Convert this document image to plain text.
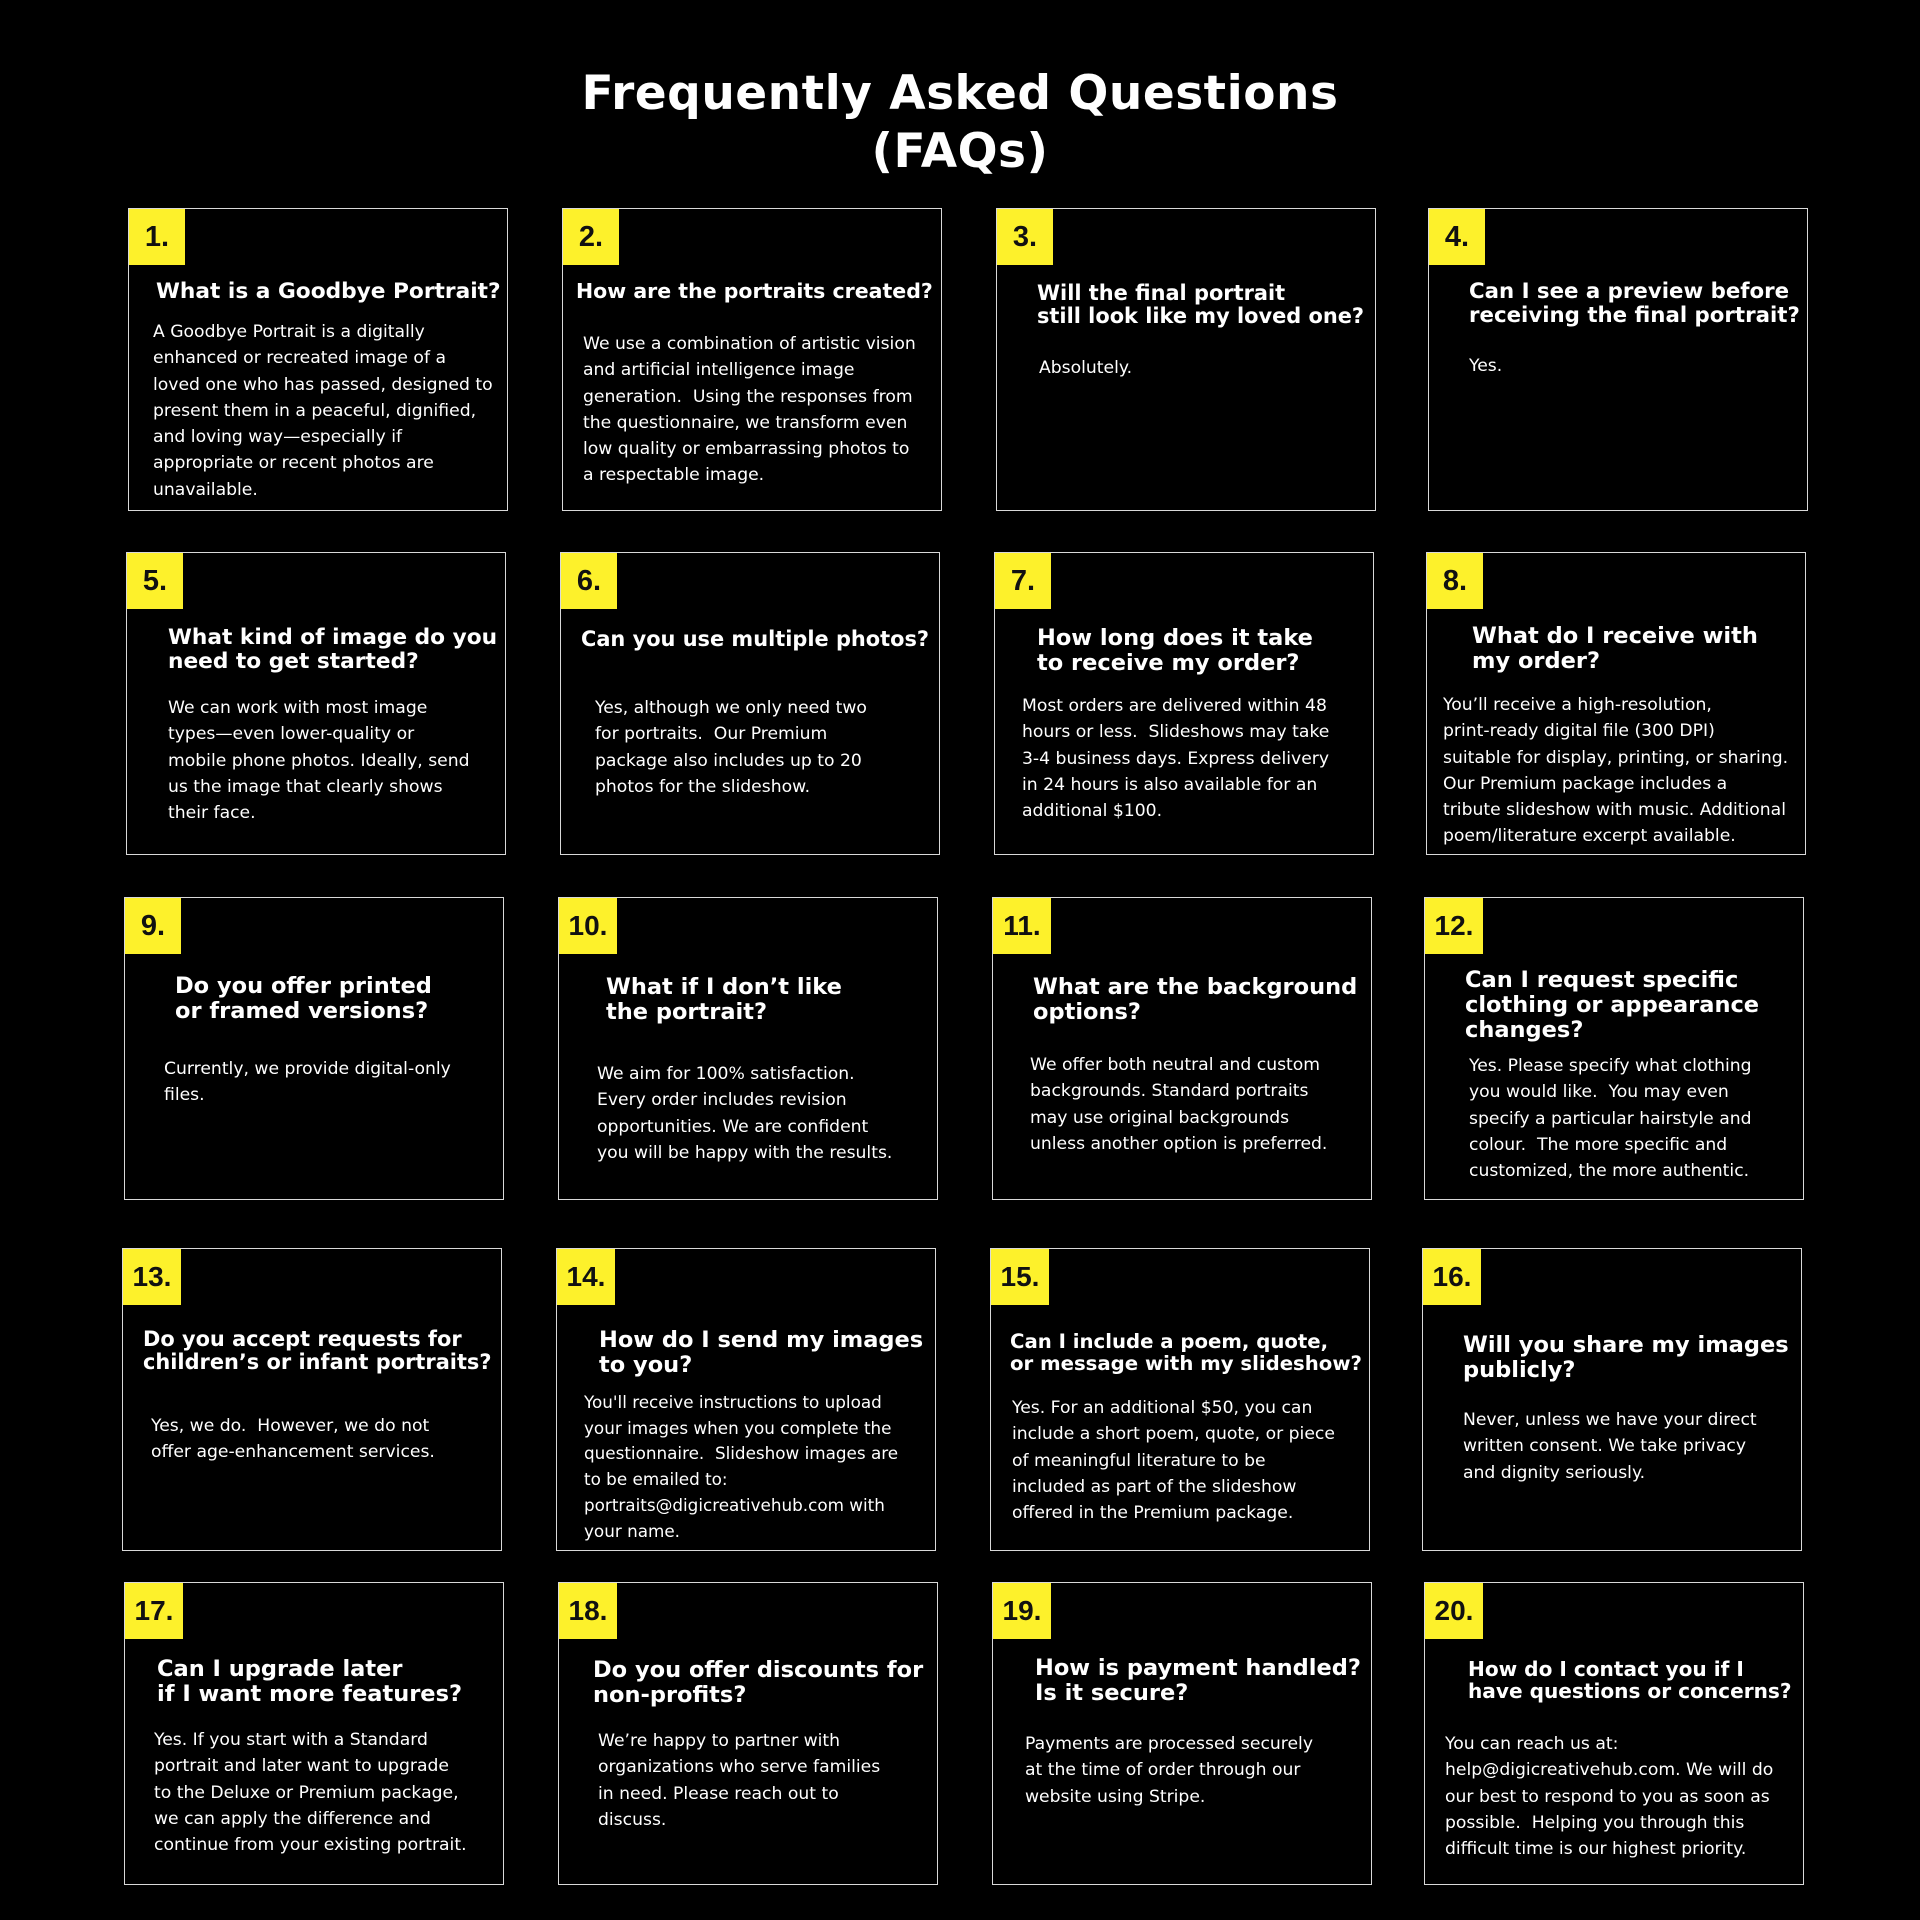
Frequently Asked Questions
(FAQs)
1.
What is a Goodbye Portrait?
A Goodbye Portrait is a digitally
enhanced or recreated image of a
loved one who has passed, designed to
present them in a peaceful, dignified,
and loving way—especially if
appropriate or recent photos are
unavailable.
2.
How are the portraits created?
We use a combination of artistic vision
and artificial intelligence image
generation.  Using the responses from
the questionnaire, we transform even
low quality or embarrassing photos to
a respectable image.
3.
Will the final portrait
still look like my loved one?
Absolutely.
4.
Can I see a preview before
receiving the final portrait?
Yes.
5.
What kind of image do you
need to get started?
We can work with most image
types—even lower-quality or
mobile phone photos. Ideally, send
us the image that clearly shows
their face.
6.
Can you use multiple photos?
Yes, although we only need two
for portraits.  Our Premium
package also includes up to 20
photos for the slideshow.
7.
How long does it take
to receive my order?
Most orders are delivered within 48
hours or less.  Slideshows may take
3-4 business days. Express delivery
in 24 hours is also available for an
additional $100.
8.
What do I receive with
my order?
You’ll receive a high-resolution,
print-ready digital file (300 DPI)
suitable for display, printing, or sharing.
Our Premium package includes a
tribute slideshow with music. Additional
poem/literature excerpt available.
9.
Do you offer printed
or framed versions?
Currently, we provide digital-only
files.
10.
What if I don’t like
the portrait?
We aim for 100% satisfaction.
Every order includes revision
opportunities. We are confident
you will be happy with the results.
11.
What are the background
options?
We offer both neutral and custom
backgrounds. Standard portraits
may use original backgrounds
unless another option is preferred.
12.
Can I request specific
clothing or appearance
changes?
Yes. Please specify what clothing
you would like.  You may even
specify a particular hairstyle and
colour.  The more specific and
customized, the more authentic.
13.
Do you accept requests for
children’s or infant portraits?
Yes, we do.  However, we do not
offer age-enhancement services.
14.
How do I send my images
to you?
You'll receive instructions to upload
your images when you complete the
questionnaire.  Slideshow images are
to be emailed to:
portraits@digicreativehub.com with
your name.
15.
Can I include a poem, quote,
or message with my slideshow?
Yes. For an additional $50, you can
include a short poem, quote, or piece
of meaningful literature to be
included as part of the slideshow
offered in the Premium package.
16.
Will you share my images
publicly?
Never, unless we have your direct
written consent. We take privacy
and dignity seriously.
17.
Can I upgrade later
if I want more features?
Yes. If you start with a Standard
portrait and later want to upgrade
to the Deluxe or Premium package,
we can apply the difference and
continue from your existing portrait.
18.
Do you offer discounts for
non-profits?
We’re happy to partner with
organizations who serve families
in need. Please reach out to
discuss.
19.
How is payment handled?
Is it secure?
Payments are processed securely
at the time of order through our
website using Stripe.
20.
How do I contact you if I
have questions or concerns?
You can reach us at:
help@digicreativehub.com. We will do
our best to respond to you as soon as
possible.  Helping you through this
difficult time is our highest priority.
